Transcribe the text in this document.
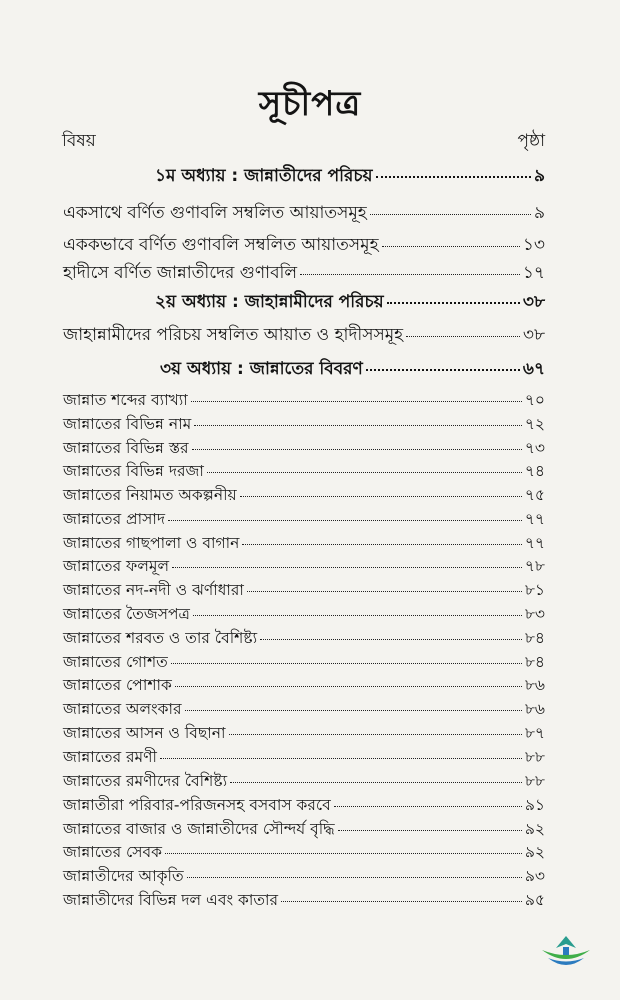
সূচীপত্র
বিষয়	পৃষ্ঠা
১ম অধ্যায় : জান্নাতীদের পরিচয়	৯
একসাথে বর্ণিত গুণাবলি সম্বলিত আয়াতসমূহ	৯
এককভাবে বর্ণিত গুণাবলি সম্বলিত আয়াতসমূহ	১৩
হাদীসে বর্ণিত জান্নাতীদের গুণাবলি	১৭
২য় অধ্যায় : জাহান্নামীদের পরিচয়	৩৮
জাহান্নামীদের পরিচয় সম্বলিত আয়াত ও হাদীসসমূহ	৩৮
৩য় অধ্যায় : জান্নাতের বিবরণ	৬৭
জান্নাত শব্দের ব্যাখ্যা	৭০
জান্নাতের বিভিন্ন নাম	৭২
জান্নাতের বিভিন্ন স্তর	৭৩
জান্নাতের বিভিন্ন দরজা	৭৪
জান্নাতের নিয়ামত অকল্পনীয়	৭৫
জান্নাতের প্রাসাদ	৭৭
জান্নাতের গাছপালা ও বাগান	৭৭
জান্নাতের ফলমূল	৭৮
জান্নাতের নদ-নদী ও ঝর্ণাধারা	৮১
জান্নাতের তৈজসপত্র	৮৩
জান্নাতের শরবত ও তার বৈশিষ্ট্য	৮৪
জান্নাতের গোশত	৮৪
জান্নাতের পোশাক	৮৬
জান্নাতের অলংকার	৮৬
জান্নাতের আসন ও বিছানা	৮৭
জান্নাতের রমণী	৮৮
জান্নাতের রমণীদের বৈশিষ্ট্য	৮৮
জান্নাতীরা পরিবার-পরিজনসহ বসবাস করবে	৯১
জান্নাতের বাজার ও জান্নাতীদের সৌন্দর্য বৃদ্ধি	৯২
জান্নাতের সেবক	৯২
জান্নাতীদের আকৃতি	৯৩
জান্নাতীদের বিভিন্ন দল এবং কাতার	৯৫
